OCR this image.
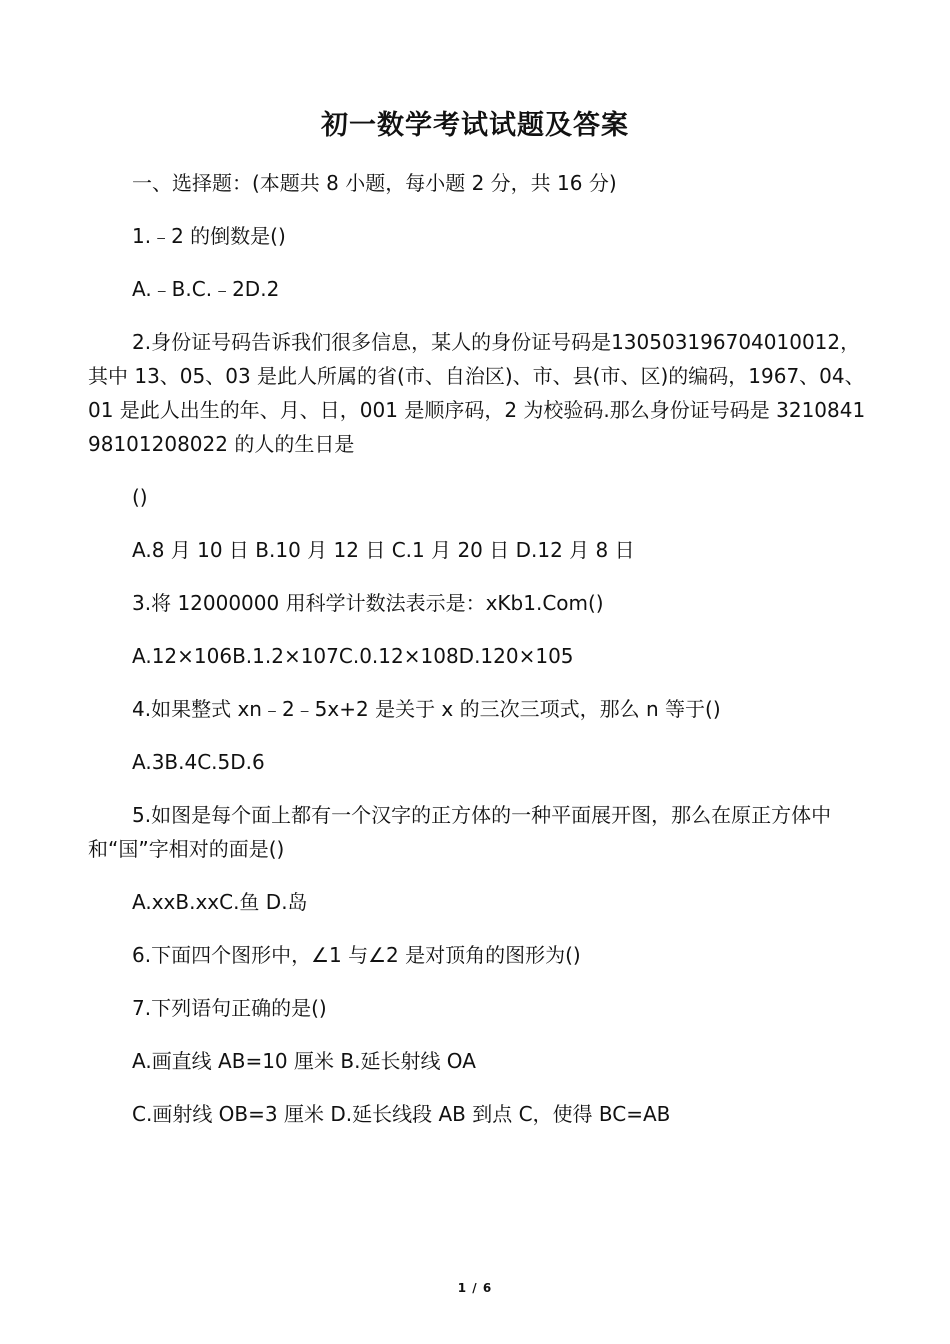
初一数学考试试题及答案

一、选择题：(本题共 8 小题，每小题 2 分，共 16 分)

1.﹣2 的倒数是()

A.﹣B.C.﹣2D.2

2.身份证号码告诉我们很多信息，某人的身份证号码是130503196704010012，其中 13、05、03 是此人所属的省(市、自治区)、市、县(市、区)的编码，1967、04、01 是此人出生的年、月、日，001 是顺序码，2 为校验码.那么身份证号码是 321084198101208022 的人的生日是

()

A.8 月 10 日 B.10 月 12 日 C.1 月 20 日 D.12 月 8 日

3.将 12000000 用科学计数法表示是：xKb1.Com()

A.12×106B.1.2×107C.0.12×108D.120×105

4.如果整式 xn﹣2﹣5x+2 是关于 x 的三次三项式，那么 n 等于()

A.3B.4C.5D.6

5.如图是每个面上都有一个汉字的正方体的一种平面展开图，那么在原正方体中和“国”字相对的面是()

A.xxB.xxC.鱼 D.岛

6.下面四个图形中，∠1 与∠2 是对顶角的图形为()

7.下列语句正确的是()

A.画直线 AB=10 厘米 B.延长射线 OA

C.画射线 OB=3 厘米 D.延长线段 AB 到点 C，使得 BC=AB

1 / 6
